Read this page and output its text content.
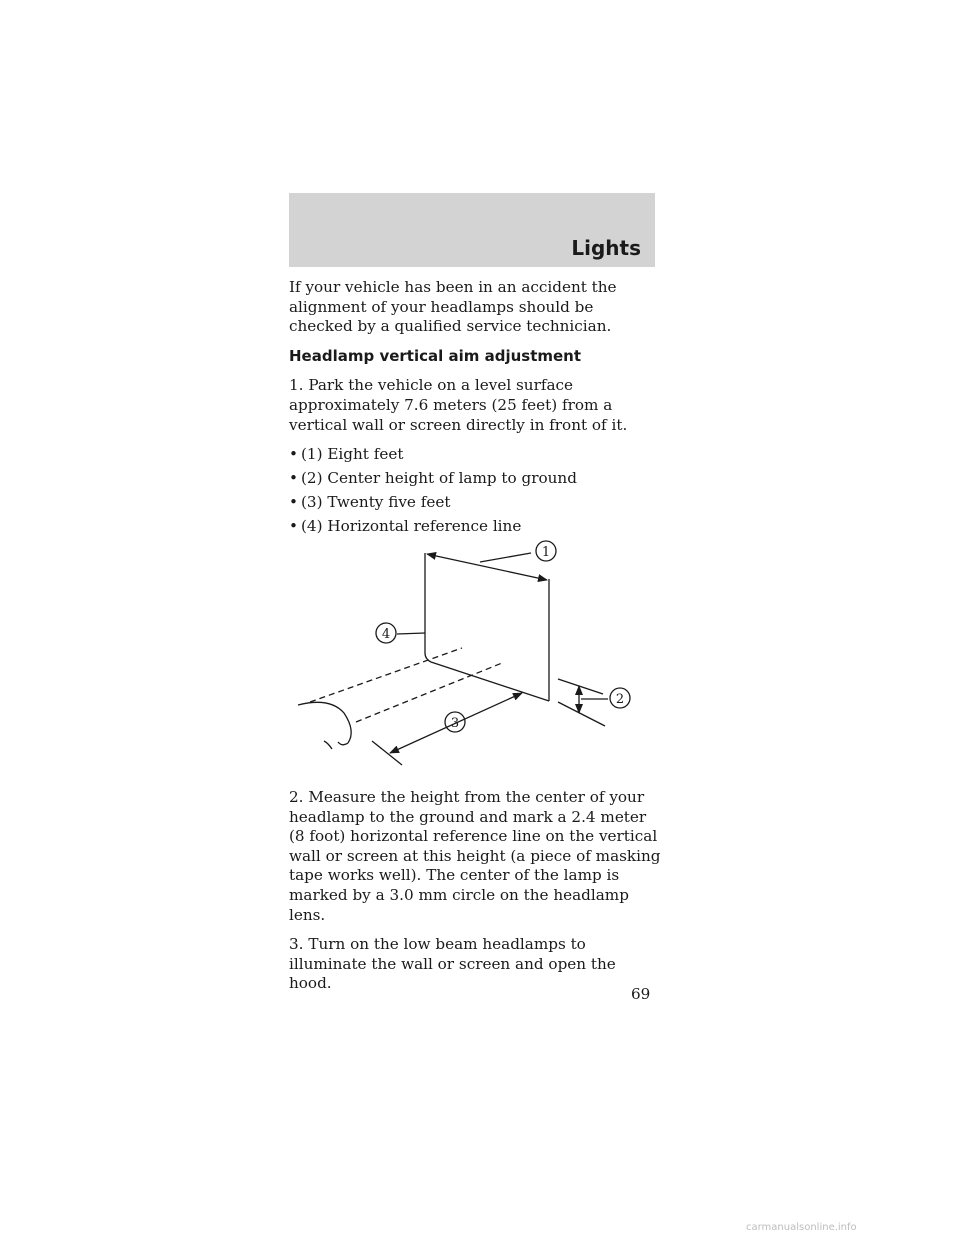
Lights

If your vehicle has been in an accident the alignment of your headlamps should be checked by a qualified service technician.

Headlamp vertical aim adjustment

1. Park the vehicle on a level surface approximately 7.6 meters (25 feet) from a vertical wall or screen directly in front of it.

• (1) Eight feet
• (2) Center height of lamp to ground
• (3) Twenty five feet
• (4) Horizontal reference line
1
4
2
3

2. Measure the height from the center of your headlamp to the ground and mark a 2.4 meter (8 foot) horizontal reference line on the vertical wall or screen at this height (a piece of masking tape works well). The center of the lamp is marked by a 3.0 mm circle on the headlamp lens.

3. Turn on the low beam headlamps to illuminate the wall or screen and open the hood.

69
carmanualsonline.info
